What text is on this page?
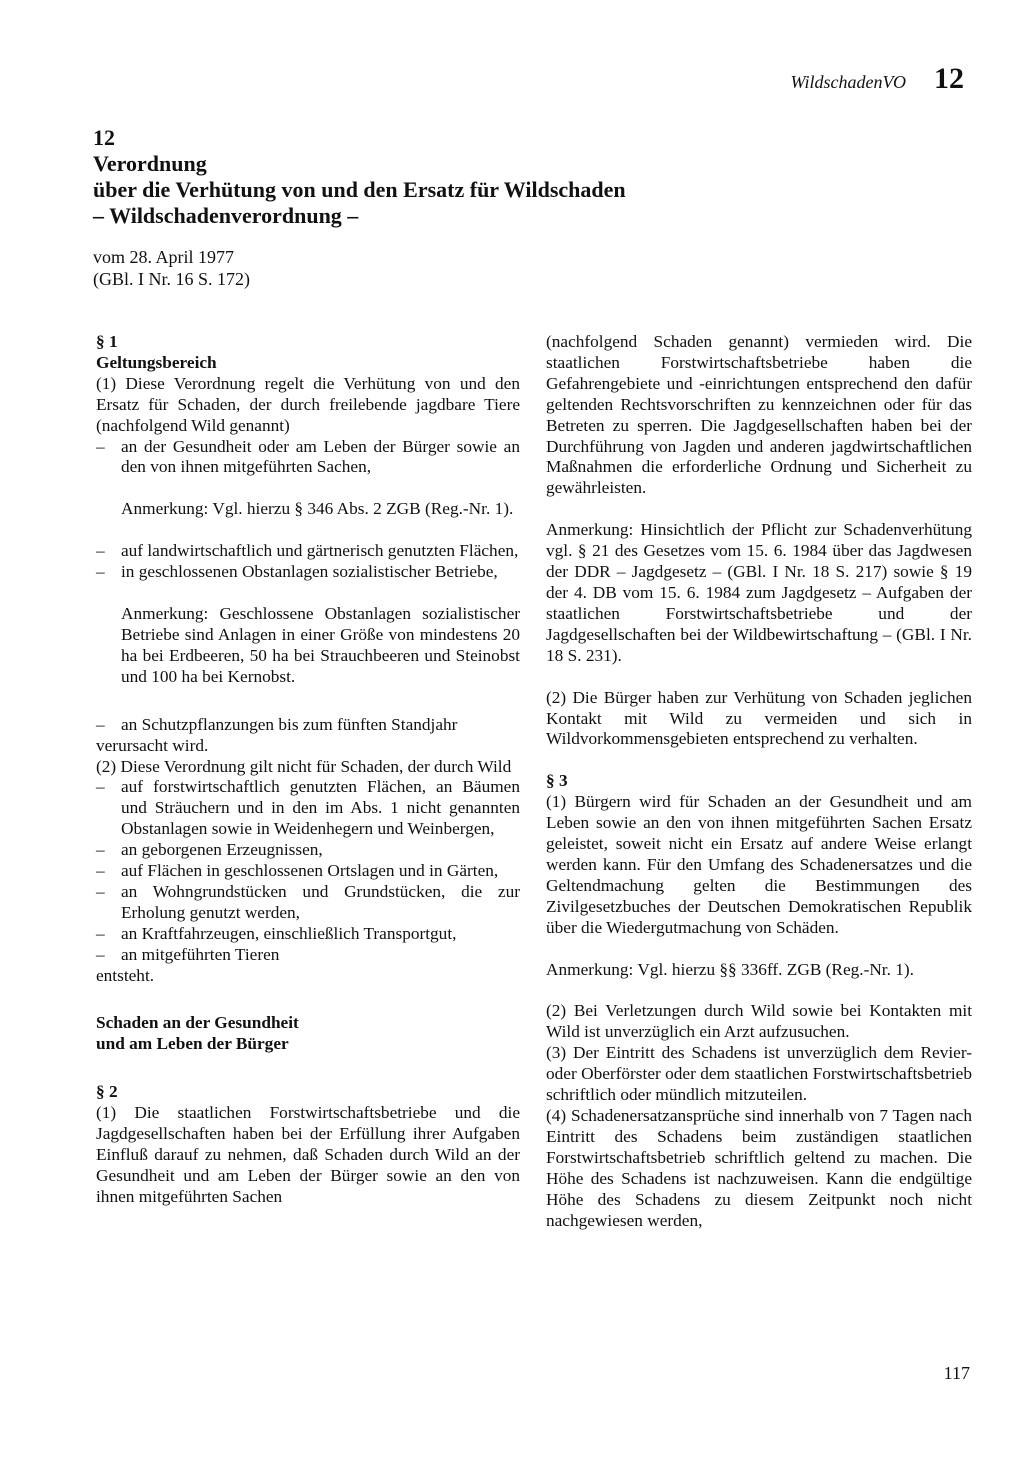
WildschadenVO 12
12
Verordnung
über die Verhütung von und den Ersatz für Wildschaden
– Wildschadenverordnung –
vom 28. April 1977
(GBl. I Nr. 16 S. 172)

§ 1

Geltungsbereich

(1) Diese Verordnung regelt die Verhütung von und den Ersatz für Schaden, der durch freilebende jagdbare Tiere (nachfolgend Wild genannt)

– an der Gesundheit oder am Leben der Bürger sowie an den von ihnen mitgeführten Sachen,

Anmerkung: Vgl. hierzu § 346 Abs. 2 ZGB (Reg.-Nr. 1).

– auf landwirtschaftlich und gärtnerisch genutzten Flächen,
– in geschlossenen Obstanlagen sozialistischer Betriebe,

Anmerkung: Geschlossene Obstanlagen sozialistischer Betriebe sind Anlagen in einer Größe von mindestens 20 ha bei Erdbeeren, 50 ha bei Strauchbeeren und Steinobst und 100 ha bei Kernobst.

– an Schutzpflanzungen bis zum fünften Standjahr

verursacht wird.

(2) Diese Verordnung gilt nicht für Schaden, der durch Wild

– auf forstwirtschaftlich genutzten Flächen, an Bäumen und Sträuchern und in den im Abs. 1 nicht genannten Obstanlagen sowie in Weidenhegern und Weinbergen,
– an geborgenen Erzeugnissen,
– auf Flächen in geschlossenen Ortslagen und in Gärten,
– an Wohngrundstücken und Grundstücken, die zur Erholung genutzt werden,
– an Kraftfahrzeugen, einschließlich Transportgut,
– an mitgeführten Tieren

entsteht.

Schaden an der Gesundheit

und am Leben der Bürger

§ 2

(1) Die staatlichen Forstwirtschaftsbetriebe und die Jagdgesellschaften haben bei der Erfüllung ihrer Aufgaben Einfluß darauf zu nehmen, daß Schaden durch Wild an der Gesundheit und am Leben der Bürger sowie an den von ihnen mitgeführten Sachen

(nachfolgend Schaden genannt) vermieden wird. Die staatlichen Forstwirtschaftsbetriebe haben die Gefahrengebiete und -einrichtungen entsprechend den dafür geltenden Rechtsvorschriften zu kennzeichnen oder für das Betreten zu sperren. Die Jagdgesellschaften haben bei der Durchführung von Jagden und anderen jagdwirtschaftlichen Maßnahmen die erforderliche Ordnung und Sicherheit zu gewährleisten.

Anmerkung: Hinsichtlich der Pflicht zur Schadenverhütung vgl. § 21 des Gesetzes vom 15. 6. 1984 über das Jagdwesen der DDR – Jagdgesetz – (GBl. I Nr. 18 S. 217) sowie § 19 der 4. DB vom 15. 6. 1984 zum Jagdgesetz – Aufgaben der staatlichen Forstwirtschaftsbetriebe und der Jagdgesellschaften bei der Wildbewirtschaftung – (GBl. I Nr. 18 S. 231).

(2) Die Bürger haben zur Verhütung von Schaden jeglichen Kontakt mit Wild zu vermeiden und sich in Wildvorkommensgebieten entsprechend zu verhalten.

§ 3

(1) Bürgern wird für Schaden an der Gesundheit und am Leben sowie an den von ihnen mitgeführten Sachen Ersatz geleistet, soweit nicht ein Ersatz auf andere Weise erlangt werden kann. Für den Umfang des Schadenersatzes und die Geltendmachung gelten die Bestimmungen des Zivilgesetzbuches der Deutschen Demokratischen Republik über die Wiedergutmachung von Schäden.

Anmerkung: Vgl. hierzu §§ 336ff. ZGB (Reg.-Nr. 1).

(2) Bei Verletzungen durch Wild sowie bei Kontakten mit Wild ist unverzüglich ein Arzt aufzusuchen.

(3) Der Eintritt des Schadens ist unverzüglich dem Revier- oder Oberförster oder dem staatlichen Forstwirtschaftsbetrieb schriftlich oder mündlich mitzuteilen.

(4) Schadenersatzansprüche sind innerhalb von 7 Tagen nach Eintritt des Schadens beim zuständigen staatlichen Forstwirtschaftsbetrieb schriftlich geltend zu machen. Die Höhe des Schadens ist nachzuweisen. Kann die endgültige Höhe des Schadens zu diesem Zeitpunkt noch nicht nachgewiesen werden,

117
